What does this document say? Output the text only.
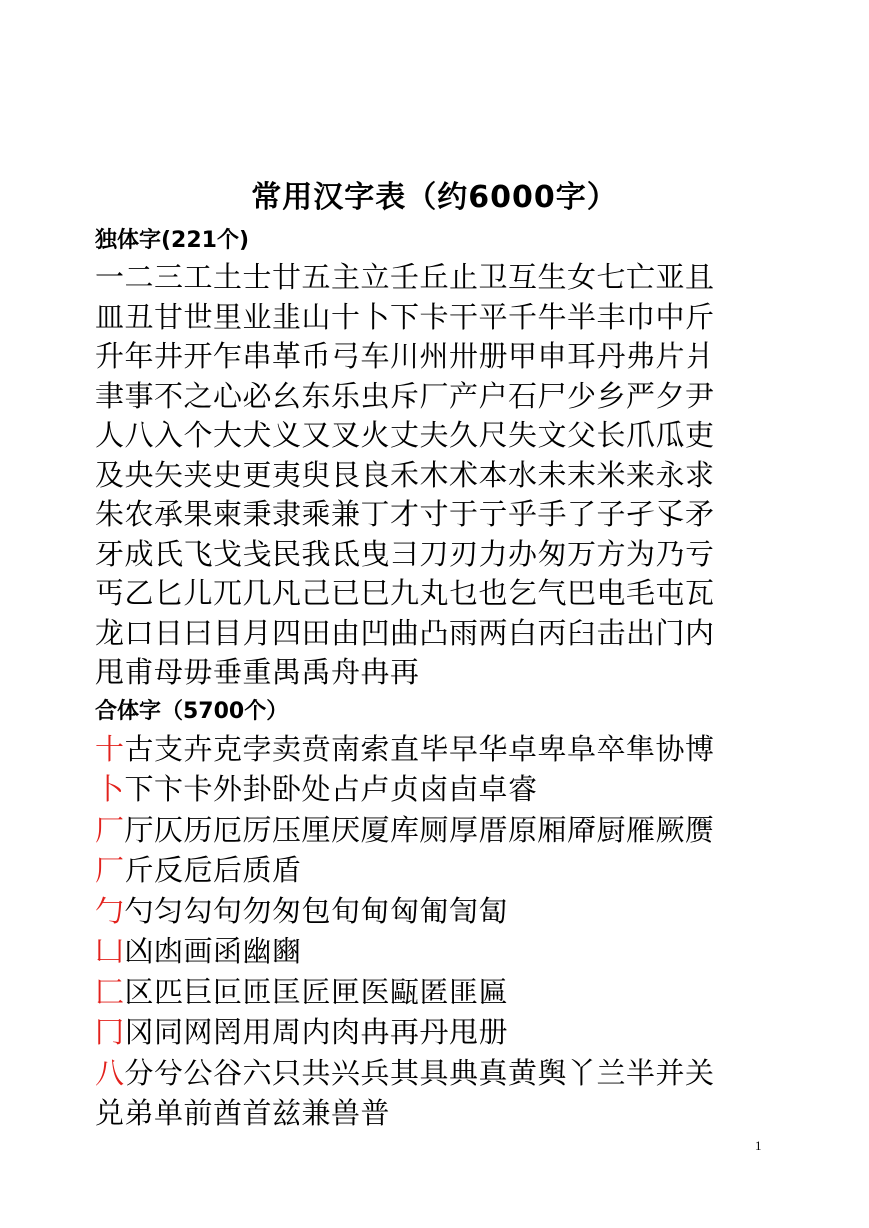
常用汉字表（约6000字）
独体字(221个)
一二三工土士廿五主立壬丘止卫互生女七亡亚且
皿丑甘世里业韭山十卜下卡干平千牛半丰巾中斤
升年井开乍串革币弓车川州卅册甲申耳丹弗片爿
聿事不之心必幺东乐虫斥厂产户石尸少乡严夕尹
人八入个大犬义又叉火丈夫久尺失文父长爪瓜吏
及央矢夹史更夷臾艮良禾木术本水未末米来永求
朱农承果柬秉隶乘兼丁才寸于亍乎手了子孑孓矛
牙成氏飞戈戋民我氐曳彐刀刃力办匆万方为乃亏
丐乙匕儿兀几凡己已巳九丸乜也乞气巴电毛屯瓦
龙口日曰目月四田由凹曲凸雨两白丙臼击出门内
甩甫母毋垂重禺禹舟冉再
合体字（5700个）
十古支卉克孛卖贲南索直毕早华卓卑阜卒隼协博
卜下卞卡外卦卧处占卢贞卤卣卓睿
厂厅仄历厄厉压厘厌厦库厕厚厝原厢厣厨雁厥赝
厂斤反卮后质盾
勹勺匀勾句勿匆包旬甸匈匍訇匐
凵凶凼画函幽豳
匚区匹巨叵匝匡匠匣医甌匿匪匾
冂冈同网罔用周内肉冉再丹甩册
八分兮公谷六只共兴兵其具典真黄舆丫兰半并关
兑弟单前酋首兹兼兽普
1
